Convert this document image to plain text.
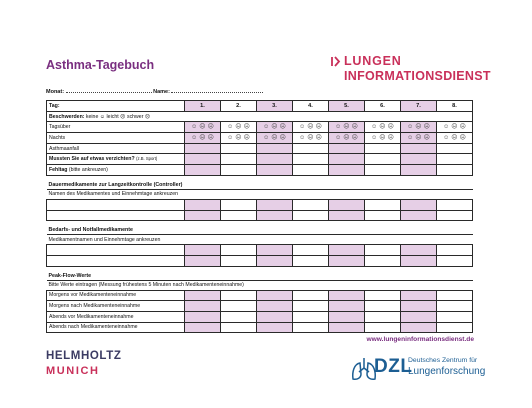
Asthma-Tagebuch	LUNGEN
INFORMATIONSDIENST
Monat:	Name:
Tag:	1.	2.	3.	4.	5.	6.	7.	8.
Beschwerden: keine ☺ leicht ☹ schwer ☹								
Tagsüber	☺ ☹ ☹	☺ ☹ ☹	☺ ☹ ☹	☺ ☹ ☹	☺ ☹ ☹	☺ ☹ ☹	☺ ☹ ☹	☺ ☹ ☹

Nachts	☺ ☹ ☹	☺ ☹ ☹	☺ ☹ ☹	☺ ☹ ☹	☺ ☹ ☹	☺ ☹ ☹	☺ ☹ ☹	☺ ☹ ☹

Asthmaanfall								
Mussten Sie auf etwas verzichten? (z.B. Sport)								
Fehltag (bitte ankreuzen)								
Dauermedikamente zur Langzeitkontrolle (Controller)								
Namen des Medikamentes und Einnehmtage ankreuzen								

Bedarfs- und Notfallmedikamente								
Medikamentnamen und Einnehmtage ankreuzen								

Peak-Flow-Werte								
Bitte Werte eintragen (Messung frühestens 5 Minuten nach Medikamenteneinnahme)								
Morgens vor Medikamenteneinnahme								
Morgens nach Medikamenteneinnahme								
Abends vor Medikamenteneinnahme								
Abends nach Medikamenteneinnahme								
www.lungeninformationsdienst.de
HELMHOLTZ
MUNICH	DZL
Deutsches Zentrum für
Lungenforschung
